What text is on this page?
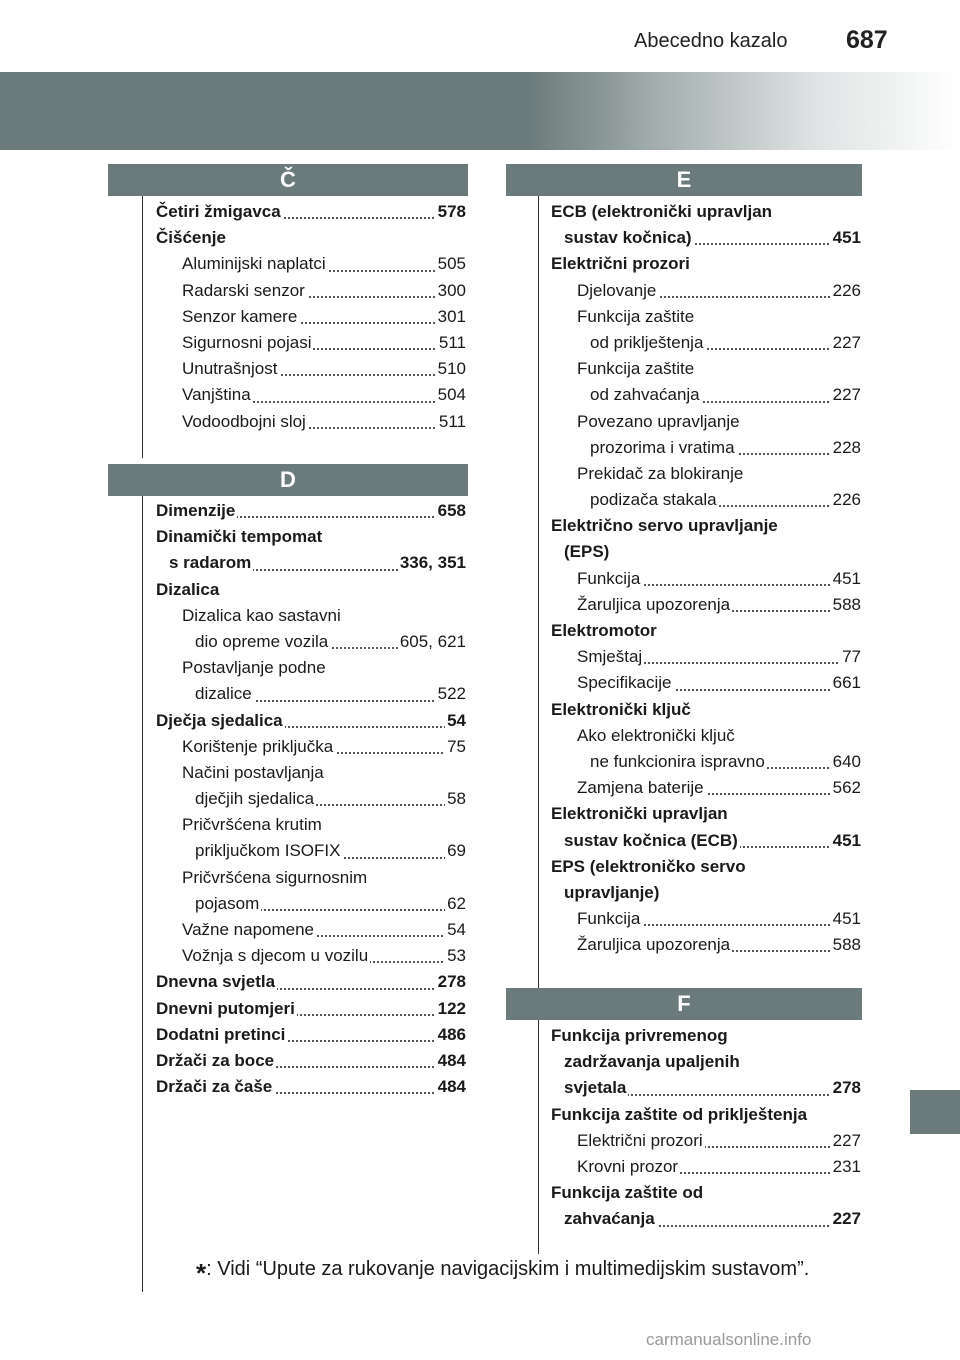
Abecedno kazalo 687
Č
Četiri žmigavca	578
Čišćenje
Aluminijski naplatci	505
Radarski senzor	300
Senzor kamere	301
Sigurnosni pojasi	511
Unutrašnjost	510
Vanjština	504
Vodoodbojni sloj	511
D
Dimenzije	658
Dinamički tempomat
s radarom	336, 351
Dizalica
Dizalica kao sastavni
dio opreme vozila	605, 621
Postavljanje podne
dizalice	522
Dječja sjedalica	54
Korištenje priključka	75
Načini postavljanja
dječjih sjedalica	58
Pričvršćena krutim
priključkom ISOFIX	69
Pričvršćena sigurnosnim
pojasom	62
Važne napomene	54
Vožnja s djecom u vozilu	53
Dnevna svjetla	278
Dnevni putomjeri	122
Dodatni pretinci	486
Držači za boce	484
Držači za čaše	484
E
ECB (elektronički upravljan
sustav kočnica)	451
Električni prozori
Djelovanje	226
Funkcija zaštite
od priklještenja	227
Funkcija zaštite
od zahvaćanja	227
Povezano upravljanje
prozorima i vratima	228
Prekidač za blokiranje
podizača stakala	226
Električno servo upravljanje
(EPS)
Funkcija	451
Žaruljica upozorenja	588
Elektromotor
Smještaj	77
Specifikacije	661
Elektronički ključ
Ako elektronički ključ
ne funkcionira ispravno	640
Zamjena baterije	562
Elektronički upravljan
sustav kočnica (ECB)	451
EPS (elektroničko servo
upravljanje)
Funkcija	451
Žaruljica upozorenja	588
F
Funkcija privremenog
zadržavanja upaljenih
svjetala	278
Funkcija zaštite od priklještenja
Električni prozori	227
Krovni prozor	231
Funkcija zaštite od
zahvaćanja	227
*: Vidi “Upute za rukovanje navigacijskim i multimedijskim sustavom”.
carmanualsonline.info
